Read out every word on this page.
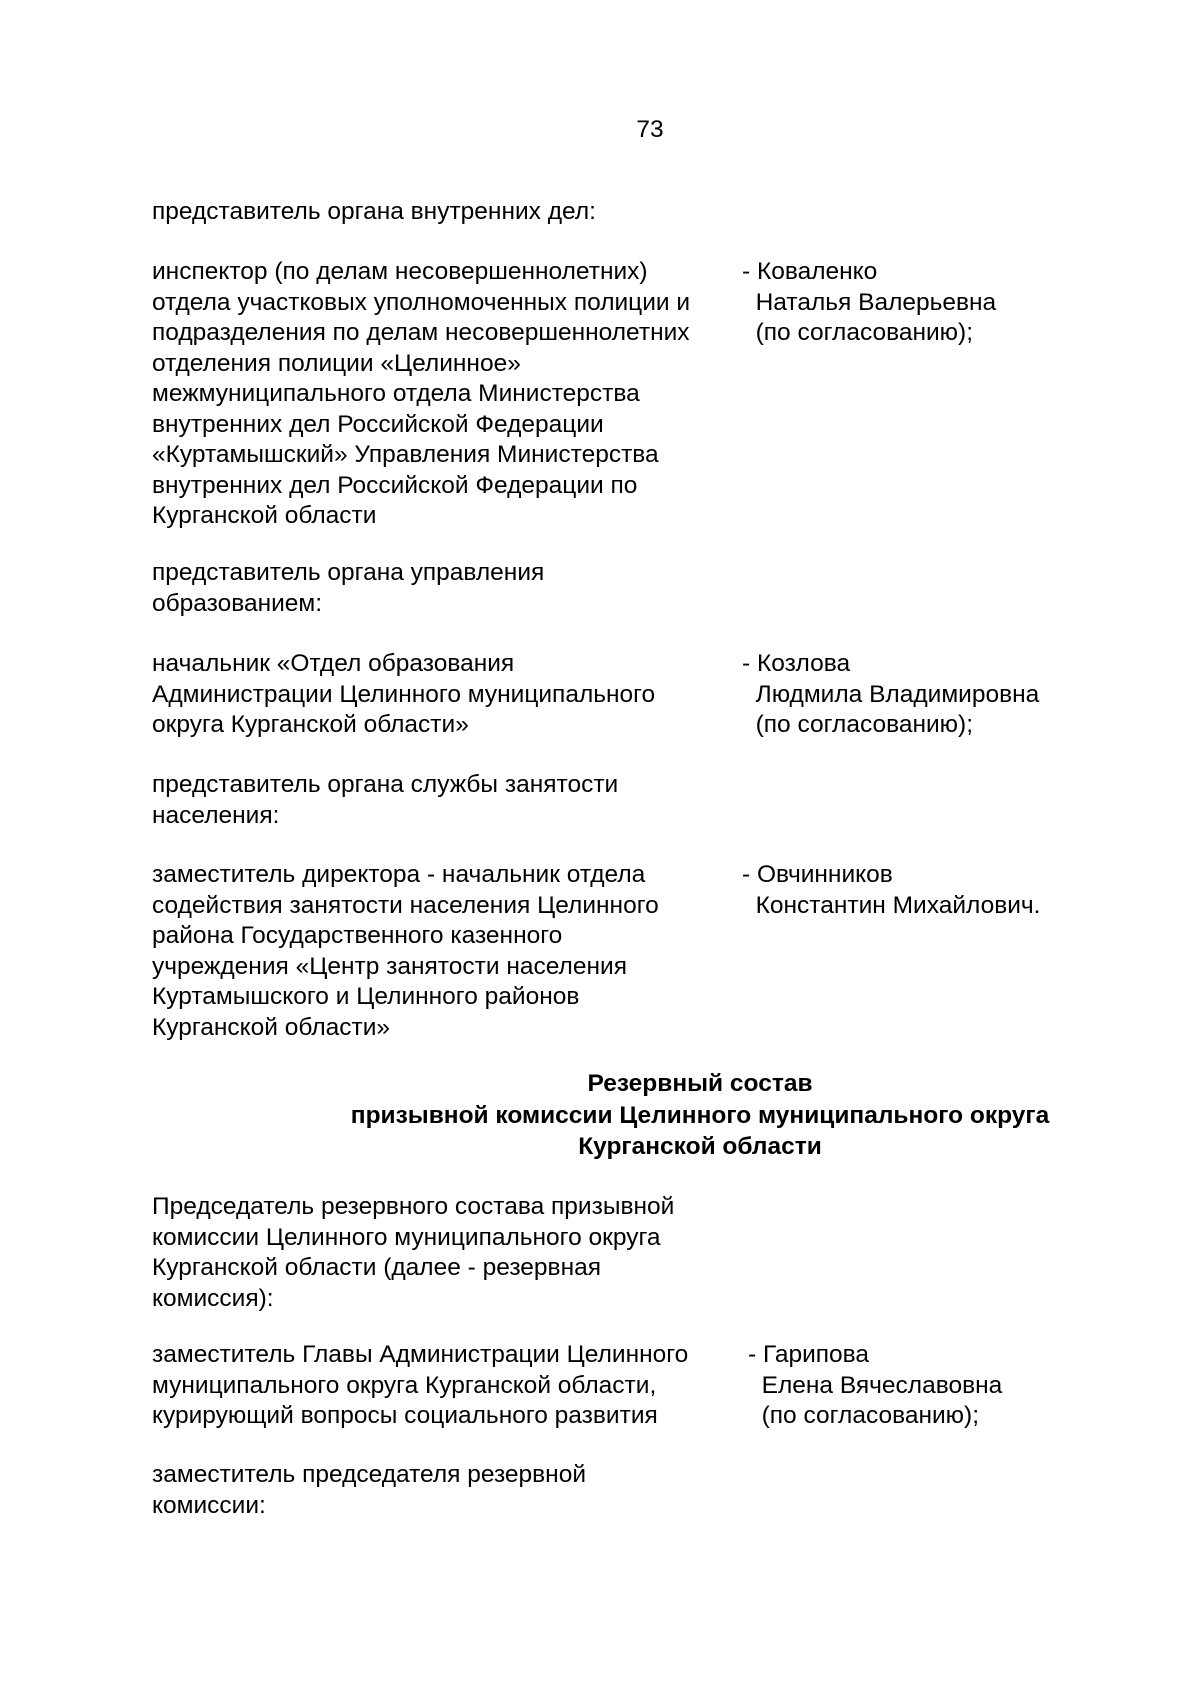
73
представитель органа внутренних дел:
инспектор (по делам несовершеннолетних)
отдела участковых уполномоченных полиции и
подразделения по делам несовершеннолетних
отделения полиции «Целинное»
межмуниципального отдела Министерства
внутренних дел Российской Федерации
«Куртамышский» Управления Министерства
внутренних дел Российской Федерации по
Курганской области
- Коваленко
Наталья Валерьевна
(по согласованию);
представитель органа управления
образованием:
начальник «Отдел образования
Администрации Целинного муниципального
округа Курганской области»
- Козлова
Людмила Владимировна
(по согласованию);
представитель органа службы занятости
населения:
заместитель директора - начальник отдела
содействия занятости населения Целинного
района Государственного казенного
учреждения «Центр занятости населения
Куртамышского и Целинного районов
Курганской области»
- Овчинников
Константин Михайлович.
Резервный состав
призывной комиссии Целинного муниципального округа
Курганской области
Председатель резервного состава призывной
комиссии Целинного муниципального округа
Курганской области (далее - резервная
комиссия):
заместитель Главы Администрации Целинного
муниципального округа Курганской области,
курирующий вопросы социального развития
- Гарипова
Елена Вячеславовна
(по согласованию);
заместитель председателя резервной
комиссии:
